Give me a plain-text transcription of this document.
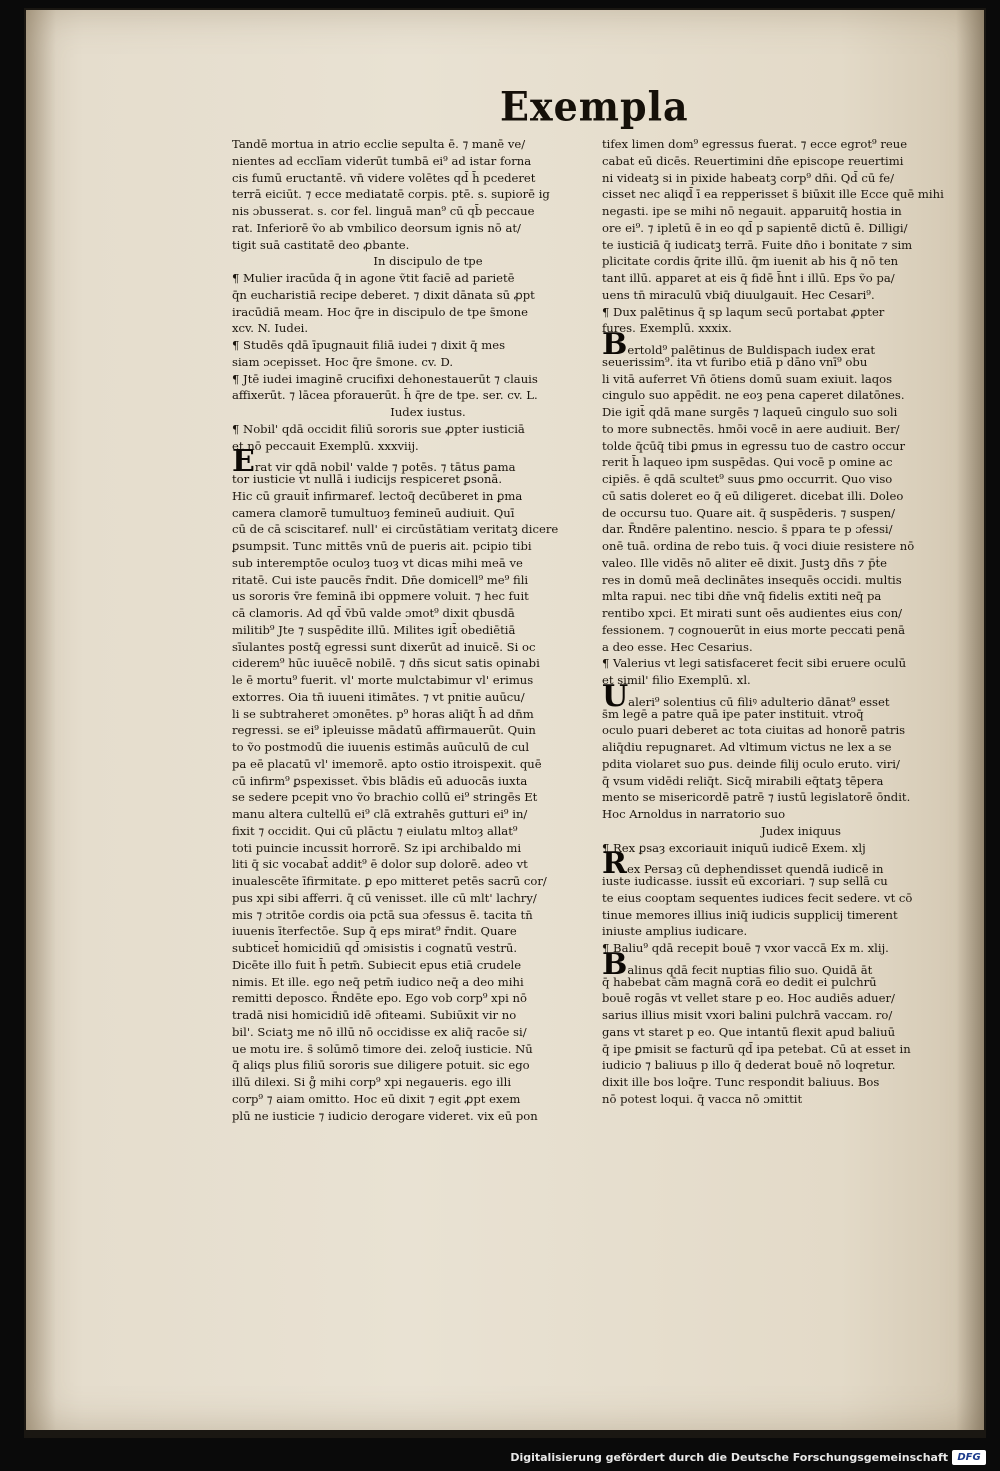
Exempla
Tandē mortua in atrio ecclie sepulta ē. ⁊ manē ve/
nientes ad ecclīam viderūt tumbā ei⁹ ad istar forna
cis fumū eructantē. vn̄ videre volētes qd̄ h̄ pcederet
terrā eiciūt. ⁊ ecce mediatatē corpis. ptē. s. supiorē ig
nis ɔbusserat. s. cor fel. linguā man⁹ cū qb̄ peccaue
rat. Inferiorē ṽo ab vmbilico deorsum ignis nō at/
tigit suā castitatē deo ꝓbante.
In discipulo de tpe
¶ Mulier iracūda q̄ in agone ṽtit faciē ad parietē
q̄n eucharistiā recipe deberet. ⁊ dixit dānata sū ꝓpt
iracūdiā meam. Hoc q̄re in discipulo de tpe s̄mone
xcv. N. Iudei.
¶ Studēs qdā īpugnauit filiā iudei ⁊ dixit q̄ mes
siam ɔcepisset. Hoc q̄re s̄mone. cv. D.
¶ Jtē iudei imaginē crucifixi dehonestauerūt ⁊ clauis
affixerūt. ⁊ lācea pforauerūt. h̄ q̄re de tpe. ser. cv. L.
Iudex iustus.
¶ Nobil' qdā occidit filiū sororis sue ꝓpter iusticiā
et nō peccauit Exemplū. xxxviij.
Erat vir qdā nobil' valde ⁊ potēs. ⁊ tātus ꝑama
tor iusticie vt nullā i iudicijs respiceret ꝑsonā.
Hic cū grauit̄ infirmaref. lectoq̄ decūberet in ꝑma
camera clamorē tumultuoȝ femineū audiuit. Quī
cū de cā sciscitaref. null' ei circūstātiam veritatꝫ dicere
ꝑsumpsit. Tunc mittēs vnū de pueris ait. pcipio tibi
sub interemptōe oculoȝ tuoȝ vt dicas mihi meā ve
ritatē. Cui iste paucēs r̄ndit. Dn̄e domicell⁹ me⁹ fili
us sororis v̄re feminā ibi oppmere voluit. ⁊ hec fuit
cā clamoris. Ad qd̄ v̄bū valde ɔmot⁹ dixit qbusdā
militib⁹ Jte ⁊ suspēdite illū. Milites igit̄ obediētiā
sīulantes postq̄ egressi sunt dixerūt ad inuicē. Si oc
ciderem⁹ hūc iuuēcē nobilē. ⁊ dn̄s sicut satis opinabi
le ē mortu⁹ fuerit. vl' morte mulctabimur vl' erimus
extorres. Oia tn̄ iuueni itimātes. ⁊ vt pnitie auūcu/
li se subtraheret ɔmonētes. p⁹ horas aliq̄t h̄ ad dn̄m
regressi. se ei⁹ ipleuisse mādatū affirmauerūt. Quin
to ṽo postmodū die iuuenis estimās auūculū de cul
pa eē placatū vl' imemorē. apto ostio itroispexit. quē
cū infirm⁹ ꝑspexisset. v̄bis blādis eū aduocās iuxta
se sedere pcepit vno ṽo brachio collū ei⁹ stringēs Et
manu altera cultellū ei⁹ clā extrahēs gutturi ei⁹ in/
fixit ⁊ occidit. Qui cū plāctu ⁊ eiulatu mltoȝ allat⁹
toti puincie incussit horrorē. Sz ipi archibaldo mi
liti q̄ sic vocabat̄ addit⁹ ē dolor sup dolorē. adeo vt
inualescēte īfirmitate. ꝑ epo mitteret petēs sacrū cor/
pus xpi sibi afferri. q̄ cū venisset. ille cū mlt' lachry/
mis ⁊ ɔtritōe cordis oia pctā sua ɔfessus ē. tacita tn̄
iuuenis īterfectōe. Sup q̄ eps mirat⁹ r̄ndit. Quare
subticet̄ homicidiū qd̄ ɔmisistis i cognatū vestrū.
Dicēte illo fuit h̄ petm̄. Subiecit epus etiā crudele
nimis. Et ille. ego neq̄ petm̄ iudico neq̄ a deo mihi
remitti deposco. R̄ndēte epo. Ego vob corp⁹ xpi nō
tradā nisi homicidiū idē ɔfiteami. Subiūxit vir no
bil'. Sciatꝫ me nō illū nō occidisse ex aliq̄ racōe si/
ue motu ire. s̄ solūmō timore dei. zeloq̄ iusticie. Nū
q̄ aliqs plus filiū sororis sue diligere potuit. sic ego
illū dilexi. Si g̊ mihi corp⁹ xpi negaueris. ego illi
corp⁹ ⁊ aiam omitto. Hoc eū dixit ⁊ egit ꝓpt exem
plū ne iusticie ⁊ iudicio derogare videret. vix eū pon
tifex limen dom⁹ egressus fuerat. ⁊ ecce egrot⁹ reue
cabat eū dicēs. Reuertimini dn̄e episcope reuertimi
ni videatꝫ si in pixide habeatꝫ corp⁹ dn̄i. Qd̄ cū fe/
cisset nec aliqd̄ ī ea repperisset s̄ biūxit ille Ecce quē mihi
negasti. ipe se mihi nō negauit. apparuitq̄ hostia in
ore ei⁹. ⁊ ipletū ē in eo qd̄ p sapientē dictū ē. Dilligi/
te iusticiā q̄ iudicatꝫ terrā. Fuite dn̄o i bonitate ⁊ sim
plicitate cordis q̄rite illū. q̄m iuenit ab his q̄ nō ten
tant illū. apparet at eis q̄ fidē h̄nt i illū. Eps ṽo pa/
uens tn̄ miraculū vbiq̄ diuulgauit. Hec Cesari⁹.
¶ Dux palētinus q̄ sp laqum secū portabat ꝓpter
fures. Exemplū. xxxix.
Bertold⁹ palētinus de Buldispach iudex erat
seuerissim⁹. ita vt furibo etiā p dāno vnī⁹ obu
li vitā auferret Vn̄ ōtiens domū suam exiuit. laqos
cingulo suo appēdit. ne eoȝ pena caperet dilatōnes.
Die igit̄ qdā mane surgēs ⁊ laqueū cingulo suo soli
to more subnectēs. hmōi vocē in aere audiuit. Ber/
tolde q̄cūq̄ tibi ꝑmus in egressu tuo de castro occur
rerit h̄ laqueo ipm suspēdas. Qui vocē p omine ac
cipiēs. ē qdā scultet⁹ suus ꝑmo occurrit. Quo viso
cū satis doleret eo q̄ eū diligeret. dicebat illi. Doleo
de occursu tuo. Quare ait. q̄ suspēderis. ⁊ suspen/
dar. R̄ndēre palentino. nescio. s̄ ppara te p ɔfessi/
onē tuā. ordina de rebo tuis. q̄ voci diuie resistere nō
valeo. Ille vidēs nō aliter eē dixit. Justꝫ dn̄s ⁊ p̄ṫe
res in domū meā declinātes insequēs occidi. multis
mlta rapui. nec tibi dn̄e vnq̄ fidelis extiti neq̄ pa
rentibo xpci. Et mirati sunt oēs audientes eius con/
fessionem. ⁊ cognouerūt in eius morte peccati penā
a deo esse. Hec Cesarius.
¶ Valerius vt legi satisfaceret fecit sibi eruere oculū
et simil' filio Exemplū. xl.
Ualeri⁹ solentius cū filiꝰ adulterio dānat⁹ esset
s̄m legē a patre quā ipe pater instituit. vtroq̄
oculo puari deberet ac tota ciuitas ad honorē patris
aliq̄diu repugnaret. Ad vltimum victus ne lex a se
pdita violaret suo ꝑus. deinde filij oculo eruto. viri/
q̄ vsum vidēdi reliq̄t. Sicq̄ mirabili eq̄tatꝫ tēpera
mento se misericordē patrē ⁊ iustū legislatorē ōndit.
Hoc Arnoldus in narratorio suo
Judex iniquus
¶ Rex ꝑsaȝ excoriauit iniquū iudicē Exem. xlj
Rex Persaȝ cū dephendisset quendā iudicē in
iuste iudicasse. iussit eū excoriari. ⁊ sup sellā cu
te eius cooptam sequentes iudices fecit sedere. vt cō
tinue memores illius iniq̄ iudicis supplicij timerent
iniuste amplius iudicare.
¶ Baliu⁹ qdā recepit bouē ⁊ vxor vaccā Ex m. xlij.
Balinus qdā fecit nuptias filio suo. Quidā āt
q̄ habebat cām magnā corā eo dedit ei pulchrū
bouē rogās vt vellet stare p eo. Hoc audiēs aduer/
sarius illius misit vxori balini pulchrā vaccam. ro/
gans vt staret p eo. Que intantū flexit apud baliuū
q̄ ipe ꝑmisit se facturū qd̄ ipa petebat. Cū at esset in
iudicio ⁊ baliuus p illo q̄ dederat bouē nō loqretur.
dixit ille bos loq̄re. Tunc respondit baliuus. Bos
nō potest loqui. q̄ vacca nō ɔmittit
Digitalisierung gefördert durch die Deutsche Forschungsgemeinschaft DFG
